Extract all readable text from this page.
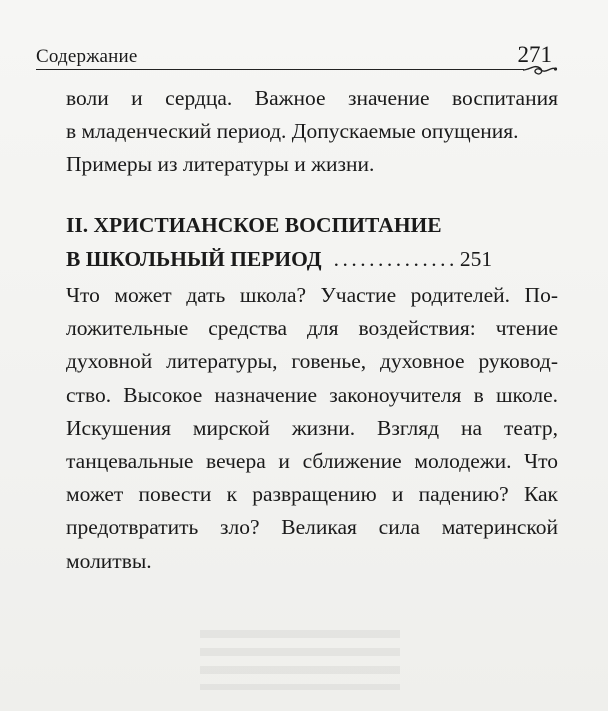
Содержание	271
воли и сердца. Важное значение воспитания
в младенческий период. Допускаемые опущения.
Примеры из литературы и жизни.
II. ХРИСТИАНСКОЕ ВОСПИТАНИЕ
В ШКОЛЬНЫЙ ПЕРИОД .............. 251
Что может дать школа? Участие родителей. По-
ложительные средства для воздействия: чтение
духовной литературы, говенье, духовное руковод-
ство. Высокое назначение законоучителя в школе.
Искушения мирской жизни. Взгляд на театр,
танцевальные вечера и сближение молодежи. Что
может повести к развращению и падению? Как
предотвратить зло? Великая сила материнской
молитвы.
